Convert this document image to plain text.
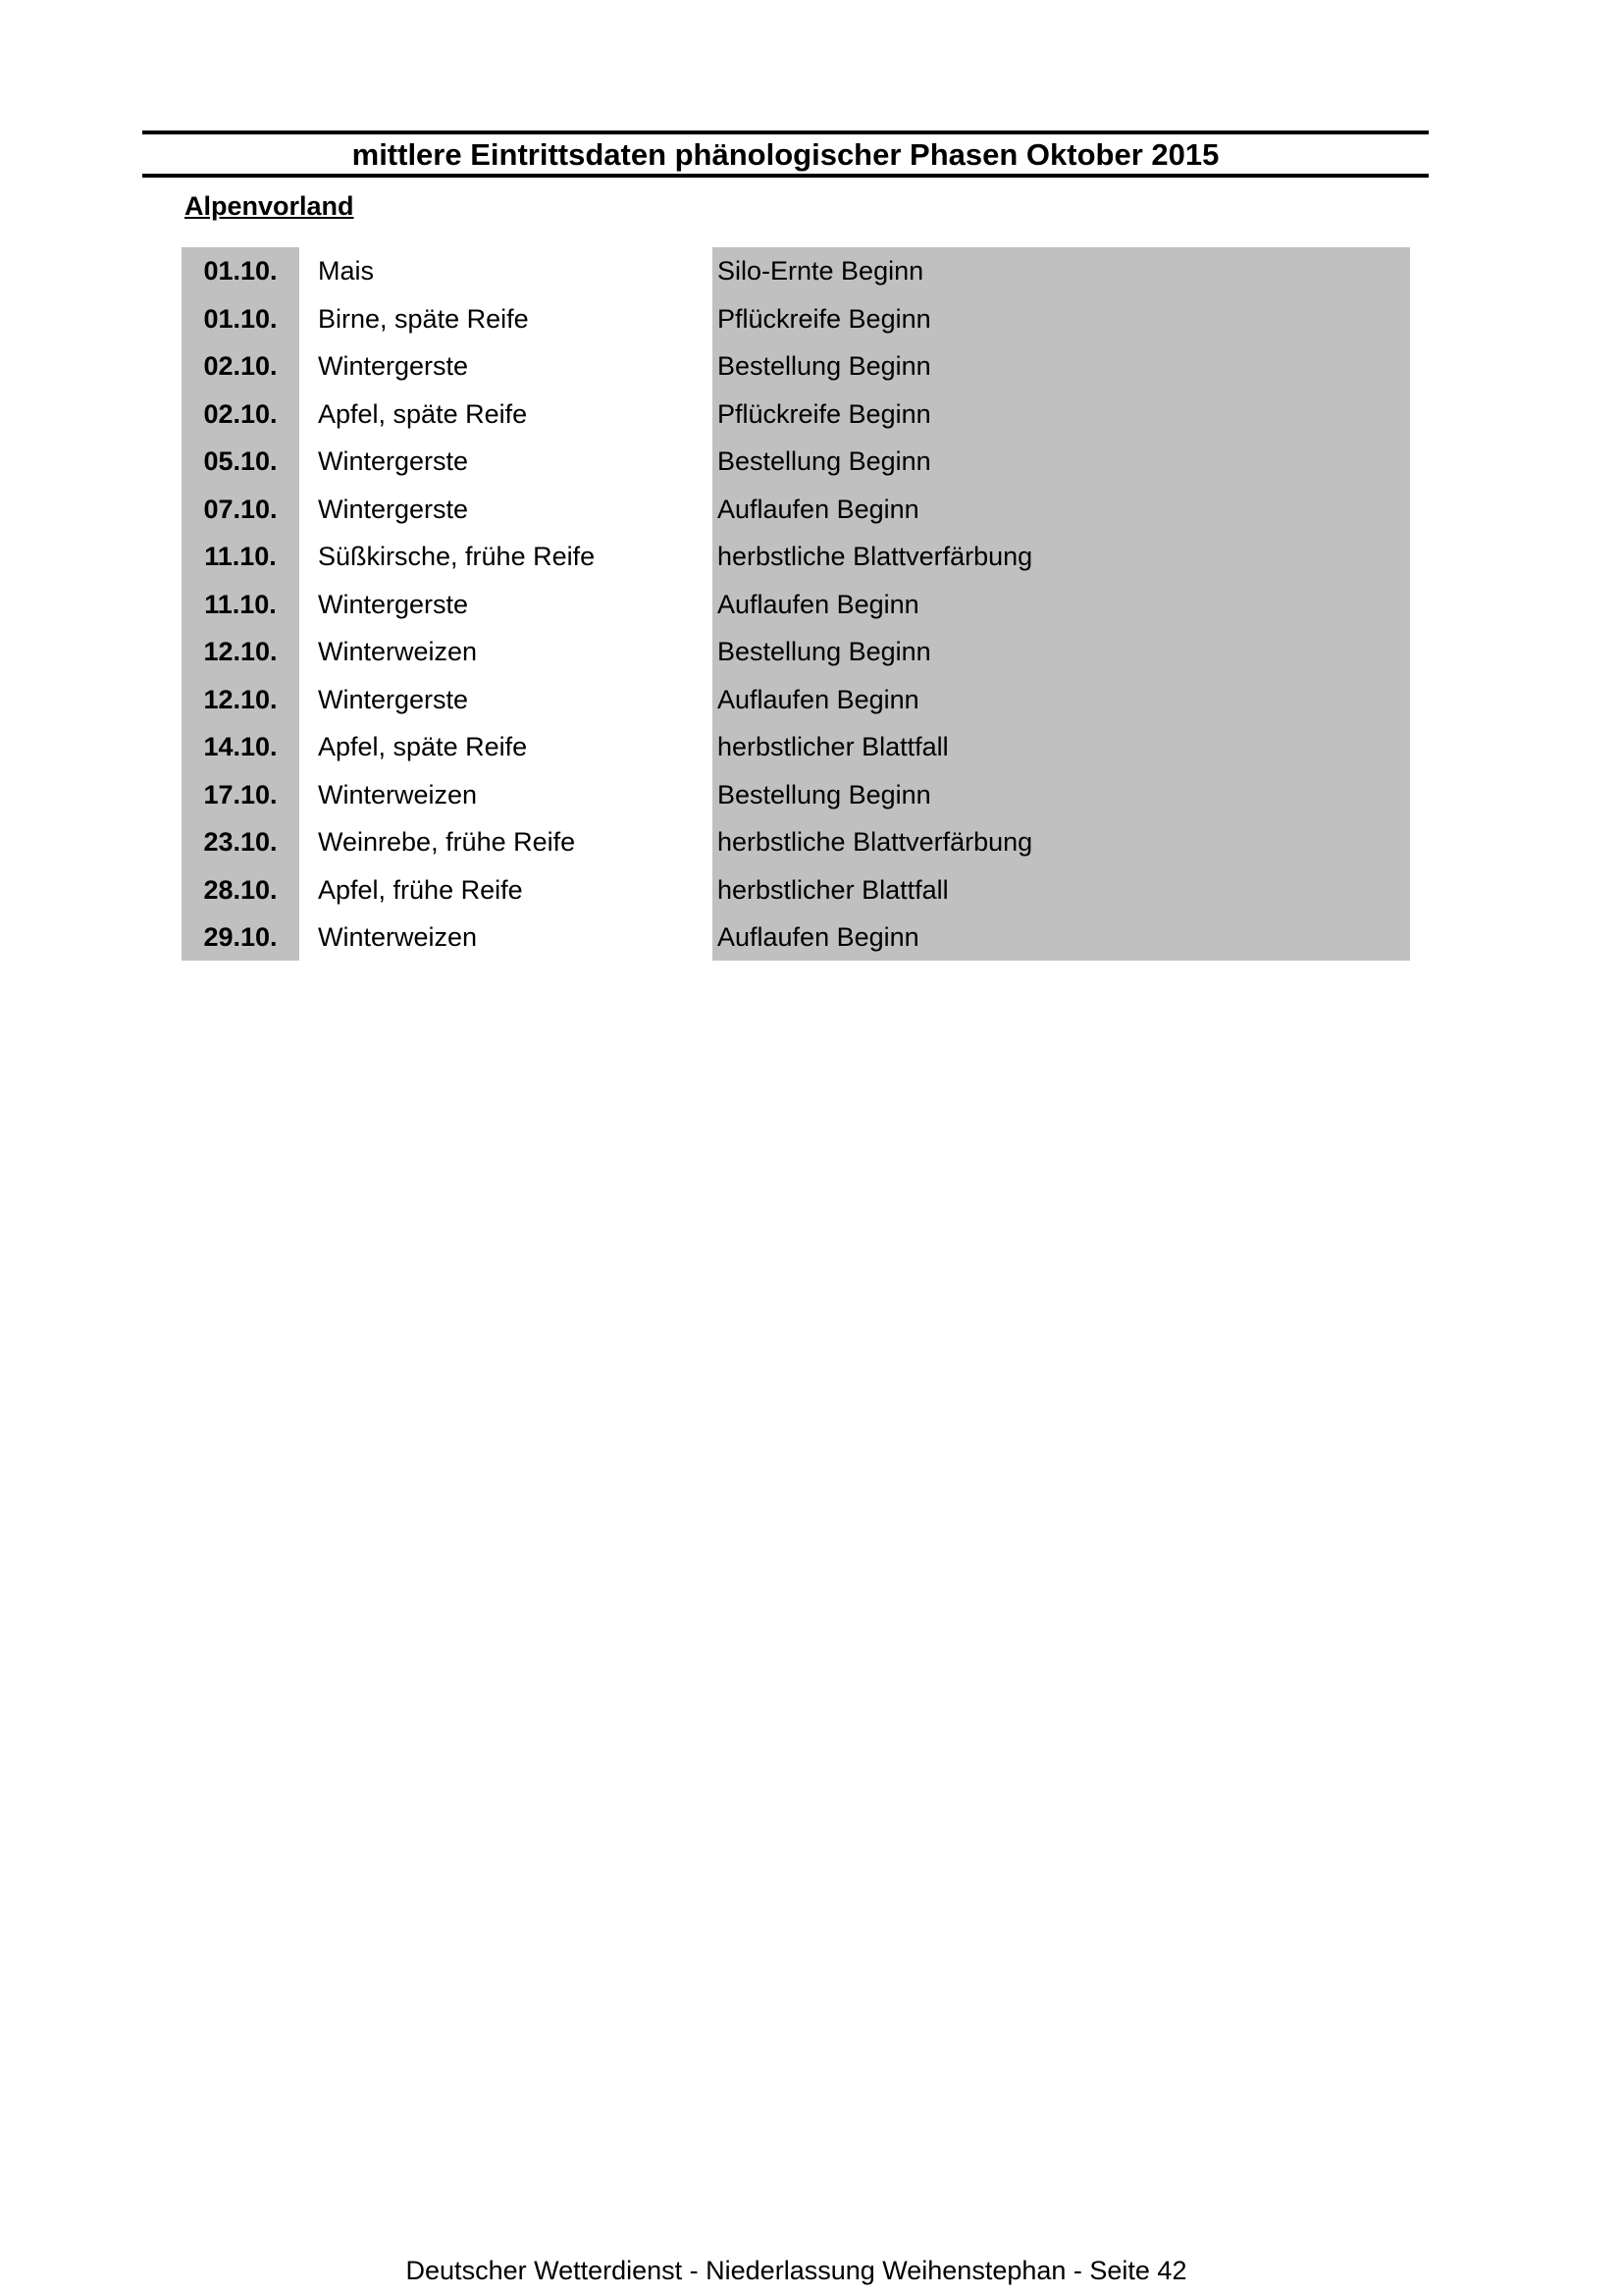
mittlere Eintrittsdaten phänologischer Phasen Oktober 2015
Alpenvorland
01.10.	Mais	Silo-Ernte Beginn
01.10.	Birne, späte Reife	Pflückreife Beginn
02.10.	Wintergerste	Bestellung Beginn
02.10.	Apfel, späte Reife	Pflückreife Beginn
05.10.	Wintergerste	Bestellung Beginn
07.10.	Wintergerste	Auflaufen Beginn
11.10.	Süßkirsche, frühe Reife	herbstliche Blattverfärbung
11.10.	Wintergerste	Auflaufen Beginn
12.10.	Winterweizen	Bestellung Beginn
12.10.	Wintergerste	Auflaufen Beginn
14.10.	Apfel, späte Reife	herbstlicher Blattfall
17.10.	Winterweizen	Bestellung Beginn
23.10.	Weinrebe, frühe Reife	herbstliche Blattverfärbung
28.10.	Apfel, frühe Reife	herbstlicher Blattfall
29.10.	Winterweizen	Auflaufen Beginn
Deutscher Wetterdienst - Niederlassung Weihenstephan - Seite 42
